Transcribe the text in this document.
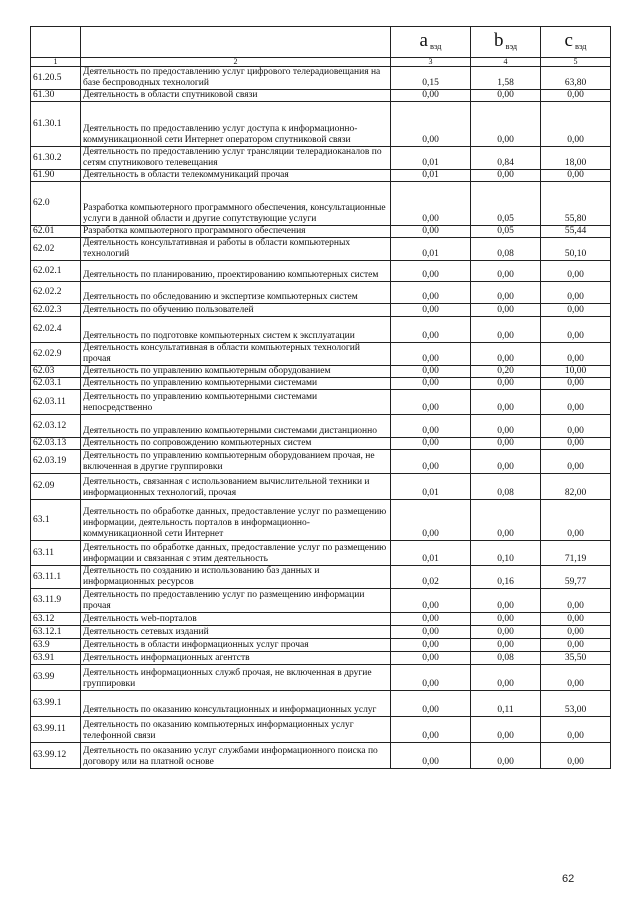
		a вэд	b вэд	c вэд
1	2	3	4	5
61.20.5	Деятельность по предоставлению услуг цифрового телерадиовещания на базе беспроводных технологий	0,15	1,58	63,80
61.30	Деятельность в области спутниковой связи	0,00	0,00	0,00
61.30.1	Деятельность по предоставлению услуг доступа к информационно-коммуникационной сети Интернет оператором спутниковой связи	0,00	0,00	0,00
61.30.2	Деятельность по предоставлению услуг трансляции телерадиоканалов по сетям спутникового телевещания	0,01	0,84	18,00
61.90	Деятельность в области телекоммуникаций прочая	0,01	0,00	0,00
62.0	Разработка компьютерного программного обеспечения, консультационные услуги в данной области и другие сопутствующие услуги	0,00	0,05	55,80
62.01	Разработка компьютерного программного обеспечения	0,00	0,05	55,44
62.02	Деятельность консультативная и работы в области компьютерных технологий	0,01	0,08	50,10
62.02.1	Деятельность по планированию, проектированию компьютерных систем	0,00	0,00	0,00
62.02.2	Деятельность по обследованию и экспертизе компьютерных систем	0,00	0,00	0,00
62.02.3	Деятельность по обучению пользователей	0,00	0,00	0,00
62.02.4	Деятельность по подготовке компьютерных систем к эксплуатации	0,00	0,00	0,00
62.02.9	Деятельность консультативная в области компьютерных технологий прочая	0,00	0,00	0,00
62.03	Деятельность по управлению компьютерным оборудованием	0,00	0,20	10,00
62.03.1	Деятельность по управлению компьютерными системами	0,00	0,00	0,00
62.03.11	Деятельность по управлению компьютерными системами непосредственно	0,00	0,00	0,00
62.03.12	Деятельность по управлению компьютерными системами дистанционно	0,00	0,00	0,00
62.03.13	Деятельность по сопровождению компьютерных систем	0,00	0,00	0,00
62.03.19	Деятельность по управлению компьютерным оборудованием прочая, не включенная в другие группировки	0,00	0,00	0,00
62.09	Деятельность, связанная с использованием вычислительной техники и информационных технологий, прочая	0,01	0,08	82,00
63.1	Деятельность по обработке данных, предоставление услуг по размещению информации, деятельность порталов в информационно-коммуникационной сети Интернет	0,00	0,00	0,00
63.11	Деятельность по обработке данных, предоставление услуг по размещению информации и связанная с этим деятельность	0,01	0,10	71,19
63.11.1	Деятельность по созданию и использованию баз данных и информационных ресурсов	0,02	0,16	59,77
63.11.9	Деятельность по предоставлению услуг по размещению информации прочая	0,00	0,00	0,00
63.12	Деятельность web-порталов	0,00	0,00	0,00
63.12.1	Деятельность сетевых изданий	0,00	0,00	0,00
63.9	Деятельность в области информационных услуг прочая	0,00	0,00	0,00
63.91	Деятельность информационных агентств	0,00	0,08	35,50
63.99	Деятельность информационных служб прочая, не включенная в другие группировки	0,00	0,00	0,00
63.99.1	Деятельность по оказанию консультационных и информационных услуг	0,00	0,11	53,00
63.99.11	Деятельность по оказанию компьютерных информационных услуг телефонной связи	0,00	0,00	0,00
63.99.12	Деятельность по оказанию услуг службами информационного поиска по договору или на платной основе	0,00	0,00	0,00
62
